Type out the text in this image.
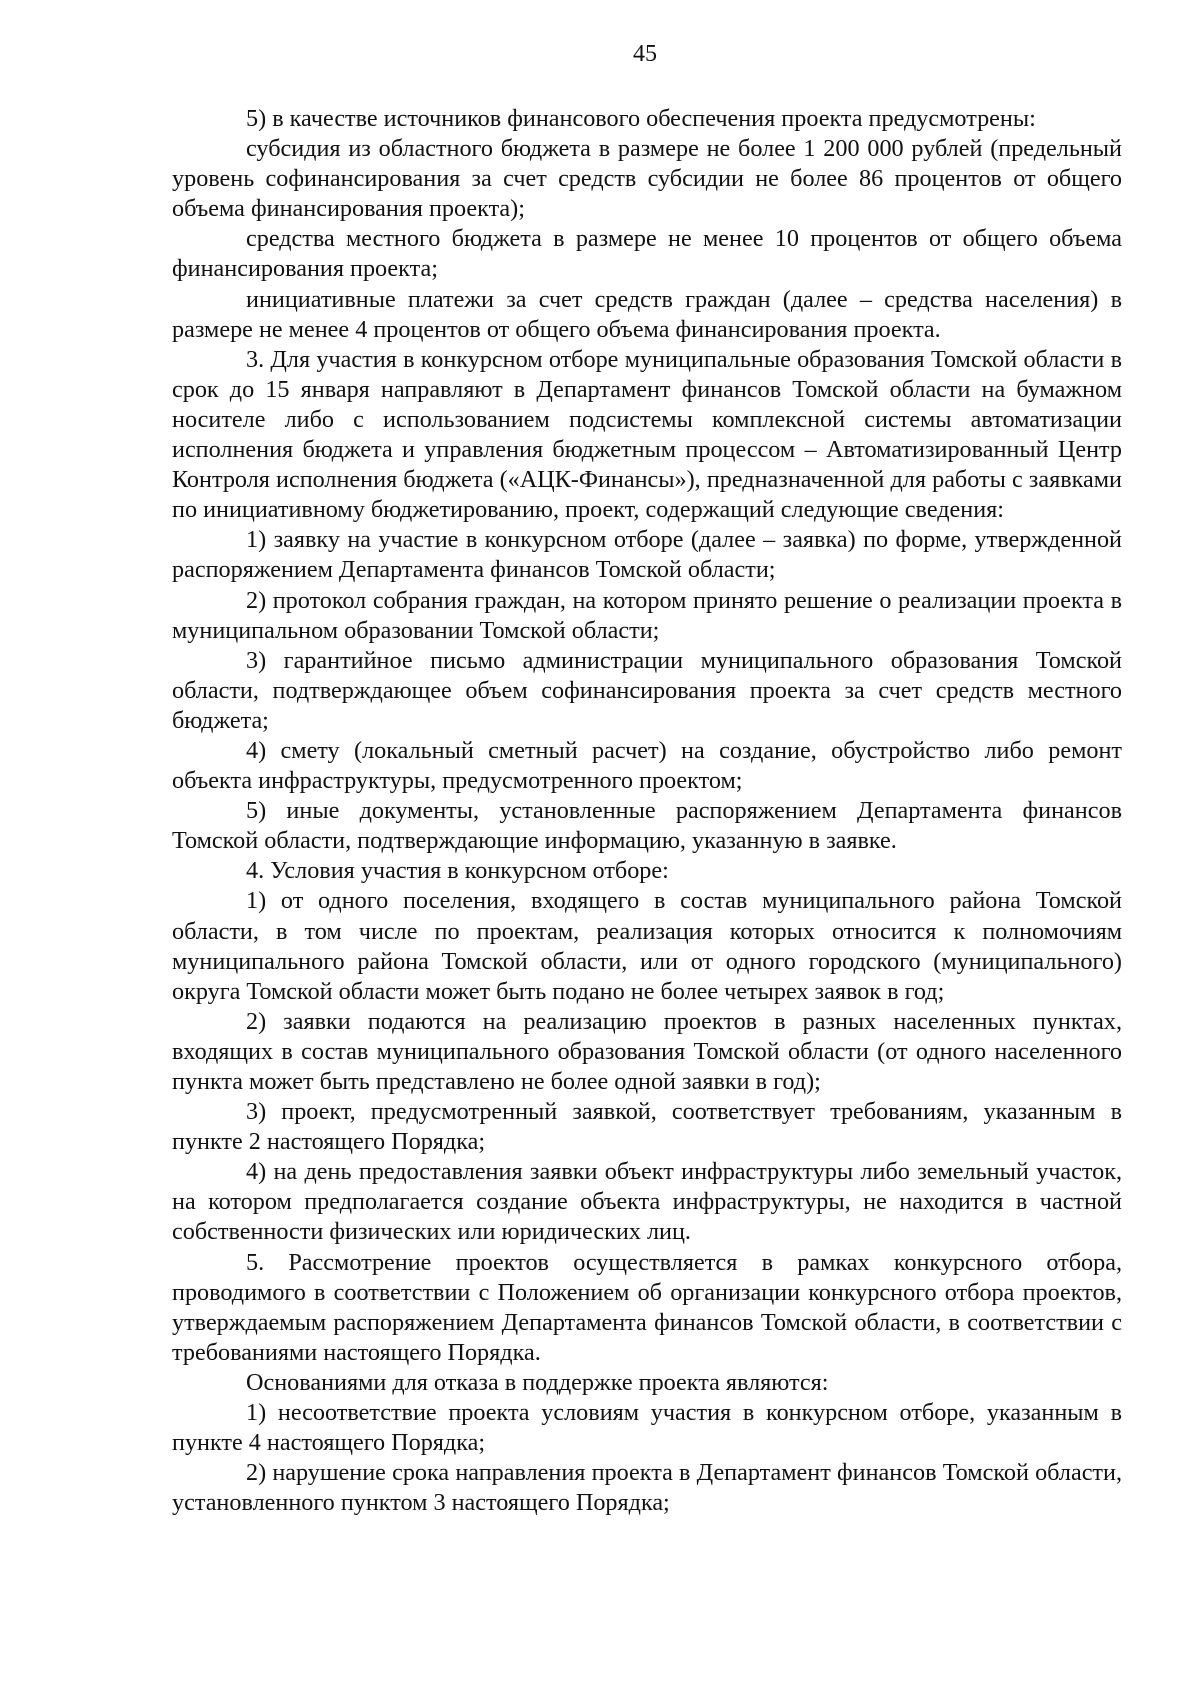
45

5) в качестве источников финансового обеспечения проекта предусмотрены:

субсидия из областного бюджета в размере не более 1 200 000 рублей (предельный уровень софинансирования за счет средств субсидии не более 86 процентов от общего объема финансирования проекта);

средства местного бюджета в размере не менее 10 процентов от общего объема финансирования проекта;

инициативные платежи за счет средств граждан (далее – средства населения) в размере не менее 4 процентов от общего объема финансирования проекта.

3. Для участия в конкурсном отборе муниципальные образования Томской области в срок до 15 января направляют в Департамент финансов Томской области на бумажном носителе либо с использованием подсистемы комплексной системы автоматизации исполнения бюджета и управления бюджетным процессом – Автоматизированный Центр Контроля исполнения бюджета («АЦК-Финансы»), предназначенной для работы с заявками по инициативному бюджетированию, проект, содержащий следующие сведения:

1) заявку на участие в конкурсном отборе (далее – заявка) по форме, утвержденной распоряжением Департамента финансов Томской области;

2) протокол собрания граждан, на котором принято решение о реализации проекта в муниципальном образовании Томской области;

3) гарантийное письмо администрации муниципального образования Томской области, подтверждающее объем софинансирования проекта за счет средств местного бюджета;

4) смету (локальный сметный расчет) на создание, обустройство либо ремонт объекта инфраструктуры, предусмотренного проектом;

5) иные документы, установленные распоряжением Департамента финансов Томской области, подтверждающие информацию, указанную в заявке.

4. Условия участия в конкурсном отборе:

1) от одного поселения, входящего в состав муниципального района Томской области, в том числе по проектам, реализация которых относится к полномочиям муниципального района Томской области, или от одного городского (муниципального) округа Томской области может быть подано не более четырех заявок в год;

2) заявки подаются на реализацию проектов в разных населенных пунктах, входящих в состав муниципального образования Томской области (от одного населенного пункта может быть представлено не более одной заявки в год);

3) проект, предусмотренный заявкой, соответствует требованиям, указанным в пункте 2 настоящего Порядка;

4) на день предоставления заявки объект инфраструктуры либо земельный участок, на котором предполагается создание объекта инфраструктуры, не находится в частной собственности физических или юридических лиц.

5. Рассмотрение проектов осуществляется в рамках конкурсного отбора, проводимого в соответствии с Положением об организации конкурсного отбора проектов, утверждаемым распоряжением Департамента финансов Томской области, в соответствии с требованиями настоящего Порядка.

Основаниями для отказа в поддержке проекта являются:

1) несоответствие проекта условиям участия в конкурсном отборе, указанным в пункте 4 настоящего Порядка;

2) нарушение срока направления проекта в Департамент финансов Томской области, установленного пунктом 3 настоящего Порядка;
